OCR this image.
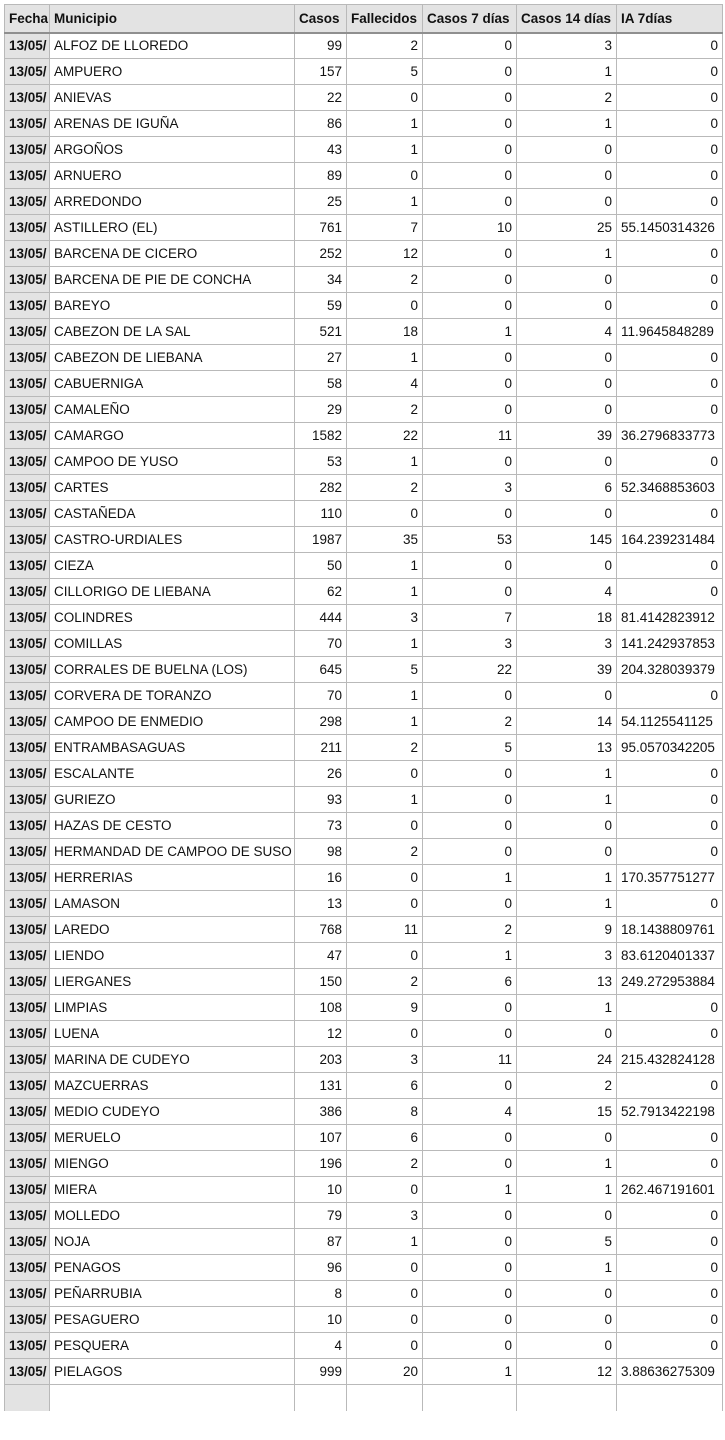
Fecha	Municipio	Casos	Fallecidos	Casos 7 días	Casos 14 días	IA 7días
13/05/	ALFOZ DE LLOREDO	99	2	0	3	0
13/05/	AMPUERO	157	5	0	1	0
13/05/	ANIEVAS	22	0	0	2	0
13/05/	ARENAS DE IGUÑA	86	1	0	1	0
13/05/	ARGOÑOS	43	1	0	0	0
13/05/	ARNUERO	89	0	0	0	0
13/05/	ARREDONDO	25	1	0	0	0
13/05/	ASTILLERO (EL)	761	7	10	25	55.1450314326
13/05/	BARCENA DE CICERO	252	12	0	1	0
13/05/	BARCENA DE PIE DE CONCHA	34	2	0	0	0
13/05/	BAREYO	59	0	0	0	0
13/05/	CABEZON DE LA SAL	521	18	1	4	11.9645848289
13/05/	CABEZON DE LIEBANA	27	1	0	0	0
13/05/	CABUERNIGA	58	4	0	0	0
13/05/	CAMALEÑO	29	2	0	0	0
13/05/	CAMARGO	1582	22	11	39	36.2796833773
13/05/	CAMPOO DE YUSO	53	1	0	0	0
13/05/	CARTES	282	2	3	6	52.3468853603
13/05/	CASTAÑEDA	110	0	0	0	0
13/05/	CASTRO-URDIALES	1987	35	53	145	164.239231484
13/05/	CIEZA	50	1	0	0	0
13/05/	CILLORIGO DE LIEBANA	62	1	0	4	0
13/05/	COLINDRES	444	3	7	18	81.4142823912
13/05/	COMILLAS	70	1	3	3	141.242937853
13/05/	CORRALES DE BUELNA (LOS)	645	5	22	39	204.328039379
13/05/	CORVERA DE TORANZO	70	1	0	0	0
13/05/	CAMPOO DE ENMEDIO	298	1	2	14	54.1125541125
13/05/	ENTRAMBASAGUAS	211	2	5	13	95.0570342205
13/05/	ESCALANTE	26	0	0	1	0
13/05/	GURIEZO	93	1	0	1	0
13/05/	HAZAS DE CESTO	73	0	0	0	0
13/05/	HERMANDAD DE CAMPOO DE SUSO	98	2	0	0	0
13/05/	HERRERIAS	16	0	1	1	170.357751277
13/05/	LAMASON	13	0	0	1	0
13/05/	LAREDO	768	11	2	9	18.1438809761
13/05/	LIENDO	47	0	1	3	83.6120401337
13/05/	LIERGANES	150	2	6	13	249.272953884
13/05/	LIMPIAS	108	9	0	1	0
13/05/	LUENA	12	0	0	0	0
13/05/	MARINA DE CUDEYO	203	3	11	24	215.432824128
13/05/	MAZCUERRAS	131	6	0	2	0
13/05/	MEDIO CUDEYO	386	8	4	15	52.7913422198
13/05/	MERUELO	107	6	0	0	0
13/05/	MIENGO	196	2	0	1	0
13/05/	MIERA	10	0	1	1	262.467191601
13/05/	MOLLEDO	79	3	0	0	0
13/05/	NOJA	87	1	0	5	0
13/05/	PENAGOS	96	0	0	1	0
13/05/	PEÑARRUBIA	8	0	0	0	0
13/05/	PESAGUERO	10	0	0	0	0
13/05/	PESQUERA	4	0	0	0	0
13/05/	PIELAGOS	999	20	1	12	3.88636275309
